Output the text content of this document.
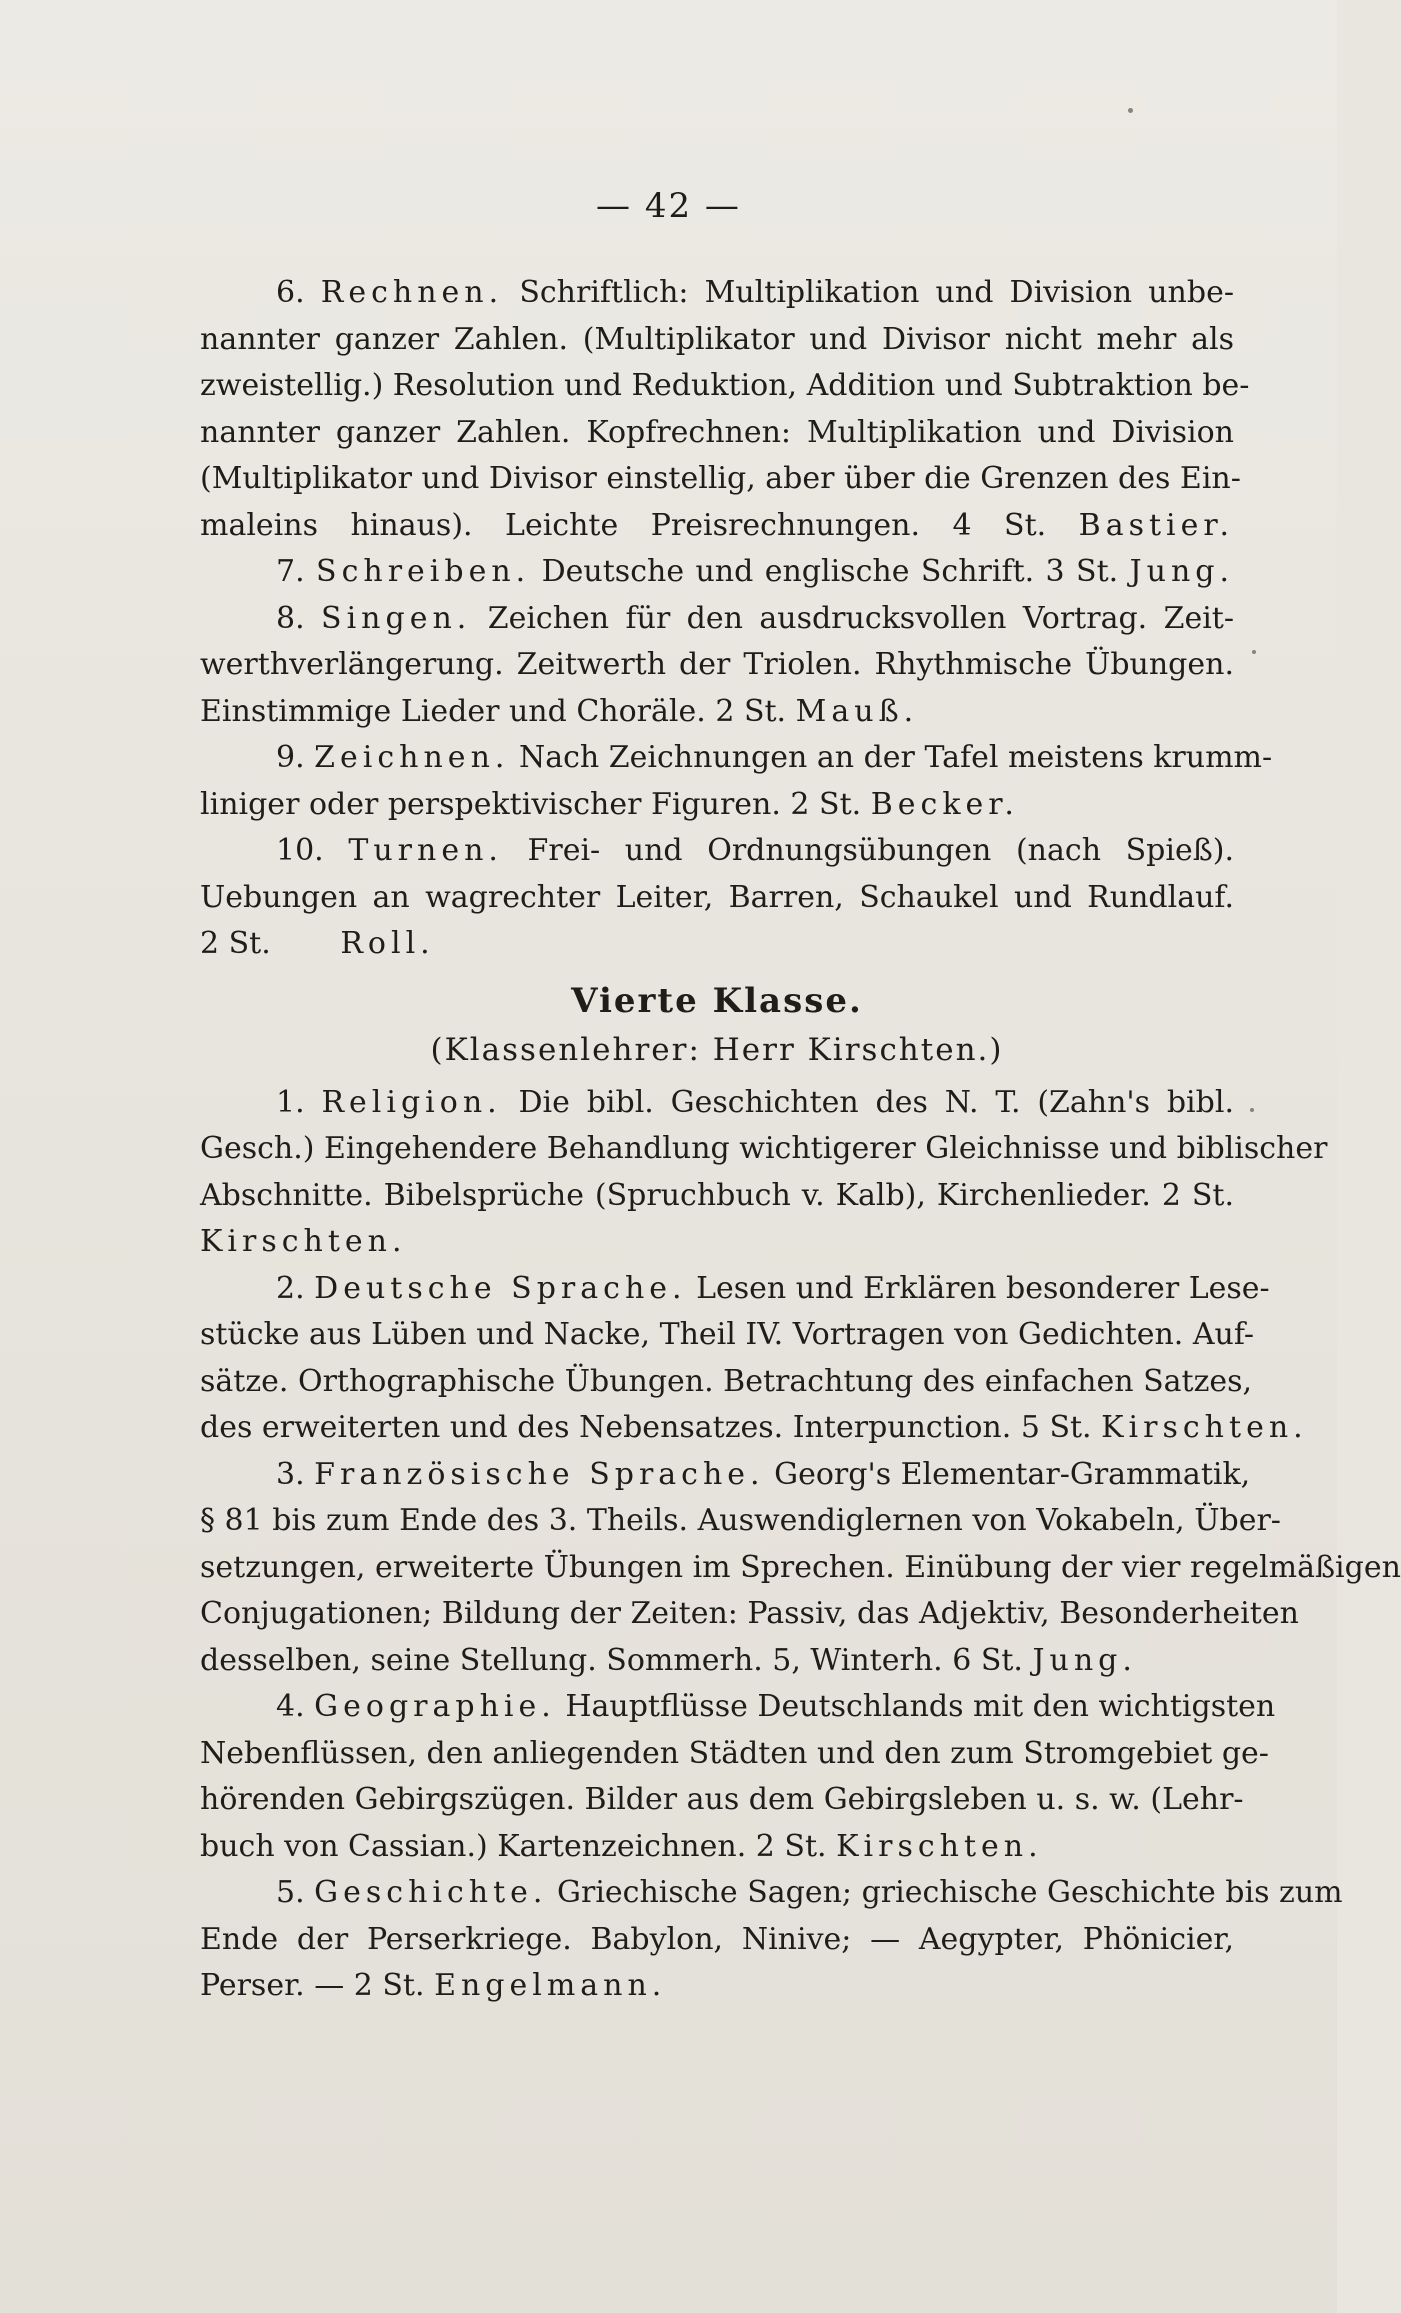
— 42 —
6. Rechnen. Schriftlich: Multiplikation und Division unbe-
nannter ganzer Zahlen. (Multiplikator und Divisor nicht mehr als
zweistellig.) Resolution und Reduktion, Addition und Subtraktion be-
nannter ganzer Zahlen. Kopfrechnen: Multiplikation und Division
(Multiplikator und Divisor einstellig, aber über die Grenzen des Ein-
maleins hinaus). Leichte Preisrechnungen. 4 St. Bastier.
7. Schreiben. Deutsche und englische Schrift. 3 St. Jung.
8. Singen. Zeichen für den ausdrucksvollen Vortrag. Zeit-
werthverlängerung. Zeitwerth der Triolen. Rhythmische Übungen.
Einstimmige Lieder und Choräle. 2 St. Mauß.
9. Zeichnen. Nach Zeichnungen an der Tafel meistens krumm-
liniger oder perspektivischer Figuren. 2 St. Becker.
10. Turnen. Frei- und Ordnungsübungen (nach Spieß).
Uebungen an wagrechter Leiter, Barren, Schaukel und Rundlauf.
2 St. Roll.
Vierte Klasse.
(Klassenlehrer: Herr Kirschten.)
1. Religion. Die bibl. Geschichten des N. T. (Zahn's bibl.
Gesch.) Eingehendere Behandlung wichtigerer Gleichnisse und biblischer
Abschnitte. Bibelsprüche (Spruchbuch v. Kalb), Kirchenlieder. 2 St.
Kirschten.
2. Deutsche Sprache. Lesen und Erklären besonderer Lese-
stücke aus Lüben und Nacke, Theil IV. Vortragen von Gedichten. Auf-
sätze. Orthographische Übungen. Betrachtung des einfachen Satzes,
des erweiterten und des Nebensatzes. Interpunction. 5 St. Kirschten.
3. Französische Sprache. Georg's Elementar-Grammatik,
§ 81 bis zum Ende des 3. Theils. Auswendiglernen von Vokabeln, Über-
setzungen, erweiterte Übungen im Sprechen. Einübung der vier regelmäßigen
Conjugationen; Bildung der Zeiten: Passiv, das Adjektiv, Besonderheiten
desselben, seine Stellung. Sommerh. 5, Winterh. 6 St. Jung.
4. Geographie. Hauptflüsse Deutschlands mit den wichtigsten
Nebenflüssen, den anliegenden Städten und den zum Stromgebiet ge-
hörenden Gebirgszügen. Bilder aus dem Gebirgsleben u. s. w. (Lehr-
buch von Cassian.) Kartenzeichnen. 2 St. Kirschten.
5. Geschichte. Griechische Sagen; griechische Geschichte bis zum
Ende der Perserkriege. Babylon, Ninive; — Aegypter, Phönicier,
Perser. — 2 St. Engelmann.
